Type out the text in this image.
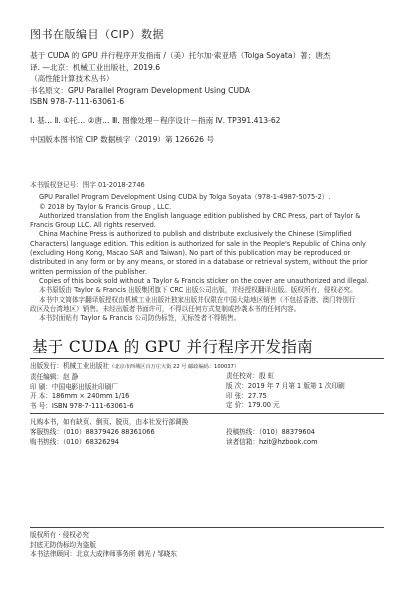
图书在版编目（CIP）数据
基于 CUDA 的 GPU 并行程序开发指南 /（美）托尔加·索亚塔（Tolga Soyata）著；唐杰
译. —北京：机械工业出版社，2019.6
（高性能计算技术丛书）
书名原文：GPU Parallel Program Development Using CUDA
ISBN 978-7-111-63061-6
Ⅰ. 基… Ⅱ. ①托… ②唐… Ⅲ. 图像处理－程序设计－指南 Ⅳ. TP391.413-62
中国版本图书馆 CIP 数据核字（2019）第 126626 号
本书版权登记号：图字 01-2018-2746
GPU Parallel Program Development Using CUDA by Tolga Soyata（978-1-4987-5075-2）.
© 2018 by Taylor & Francis Group , LLC.
Authorized translation from the English language edition published by CRC Press, part of Taylor &
Francis Group LLC. All rights reserved.
China Machine Press is authorized to publish and distribute exclusively the Chinese (Simplified
Characters) language edition. This edition is authorized for sale in the People's Republic of China only
(excluding Hong Kong, Macao SAR and Taiwan). No part of this publication may be reproduced or
distributed in any form or by any means, or stored in a database or retrieval system, without the prior
written permission of the publisher.
Copies of this book sold without a Taylor & Francis sticker on the cover are unauthorized and illegal.
本书原版由 Taylor & Francis 出版集团旗下 CRC 出版公司出版，并经授权翻译出版。版权所有，侵权必究。
本书中文简体字翻译版授权由机械工业出版社独家出版并仅限在中国大陆地区销售（不包括香港、澳门特别行
政区及台湾地区）销售。未经出版者书面许可，不得以任何方式复制或抄袭本书的任何内容。
本书封面贴有 Taylor & Francis 公司防伪标签，无标签者不得销售。
基于 CUDA 的 GPU 并行程序开发指南
出版发行：机械工业出版社（北京市西城区百万庄大街 22 号 邮政编码：100037）
责任编辑：赵 静
印 刷：中国电影出版社印刷厂
开 本：186mm × 240mm 1/16
书 号：ISBN 978-7-111-63061-6
责任校对：殷 虹
版 次：2019 年 7 月第 1 版第 1 次印刷
印 张：27.75
定 价：179.00 元
凡购本书，如有缺页、倒页、脱页，由本社发行部调换
客服热线：（010）88379426 88361066
购书热线：（010）68326294
投稿热线：（010）88379604
读者信箱：hzit@hzbook.com
版权所有 · 侵权必究
封底无防伪标均为盗版
本书法律顾问：北京大成律师事务所 韩光 / 邹晓东
